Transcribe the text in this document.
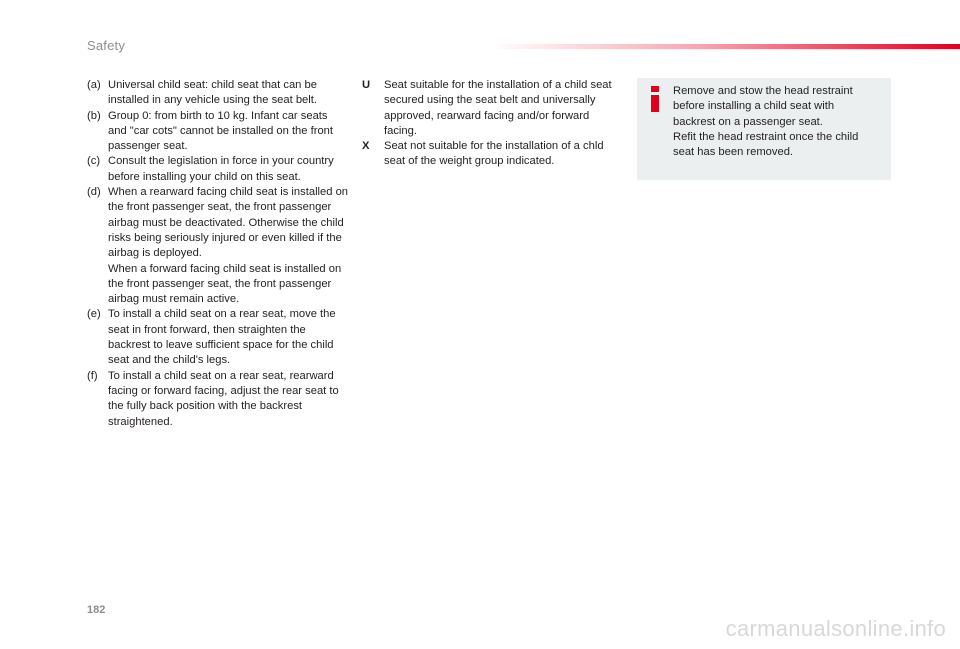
Safety
(a) Universal child seat: child seat that can be installed in any vehicle using the seat belt.
(b) Group 0: from birth to 10 kg. Infant car seats and "car cots" cannot be installed on the front passenger seat.
(c) Consult the legislation in force in your country before installing your child on this seat.
(d) When a rearward facing child seat is installed on the front passenger seat, the front passenger airbag must be deactivated. Otherwise the child risks being seriously injured or even killed if the airbag is deployed.
When a forward facing child seat is installed on the front passenger seat, the front passenger airbag must remain active.
(e) To install a child seat on a rear seat, move the seat in front forward, then straighten the backrest to leave sufficient space for the child seat and the child's legs.
(f) To install a child seat on a rear seat, rearward facing or forward facing, adjust the rear seat to the fully back position with the backrest straightened.
U	Seat suitable for the installation of a child seat secured using the seat belt and universally approved, rearward facing and/or forward facing.
X	Seat not suitable for the installation of a chld seat of the weight group indicated.
Remove and stow the head restraint before installing a child seat with backrest on a passenger seat.
Refit the head restraint once the child seat has been removed.
182
carmanualsonline.info
